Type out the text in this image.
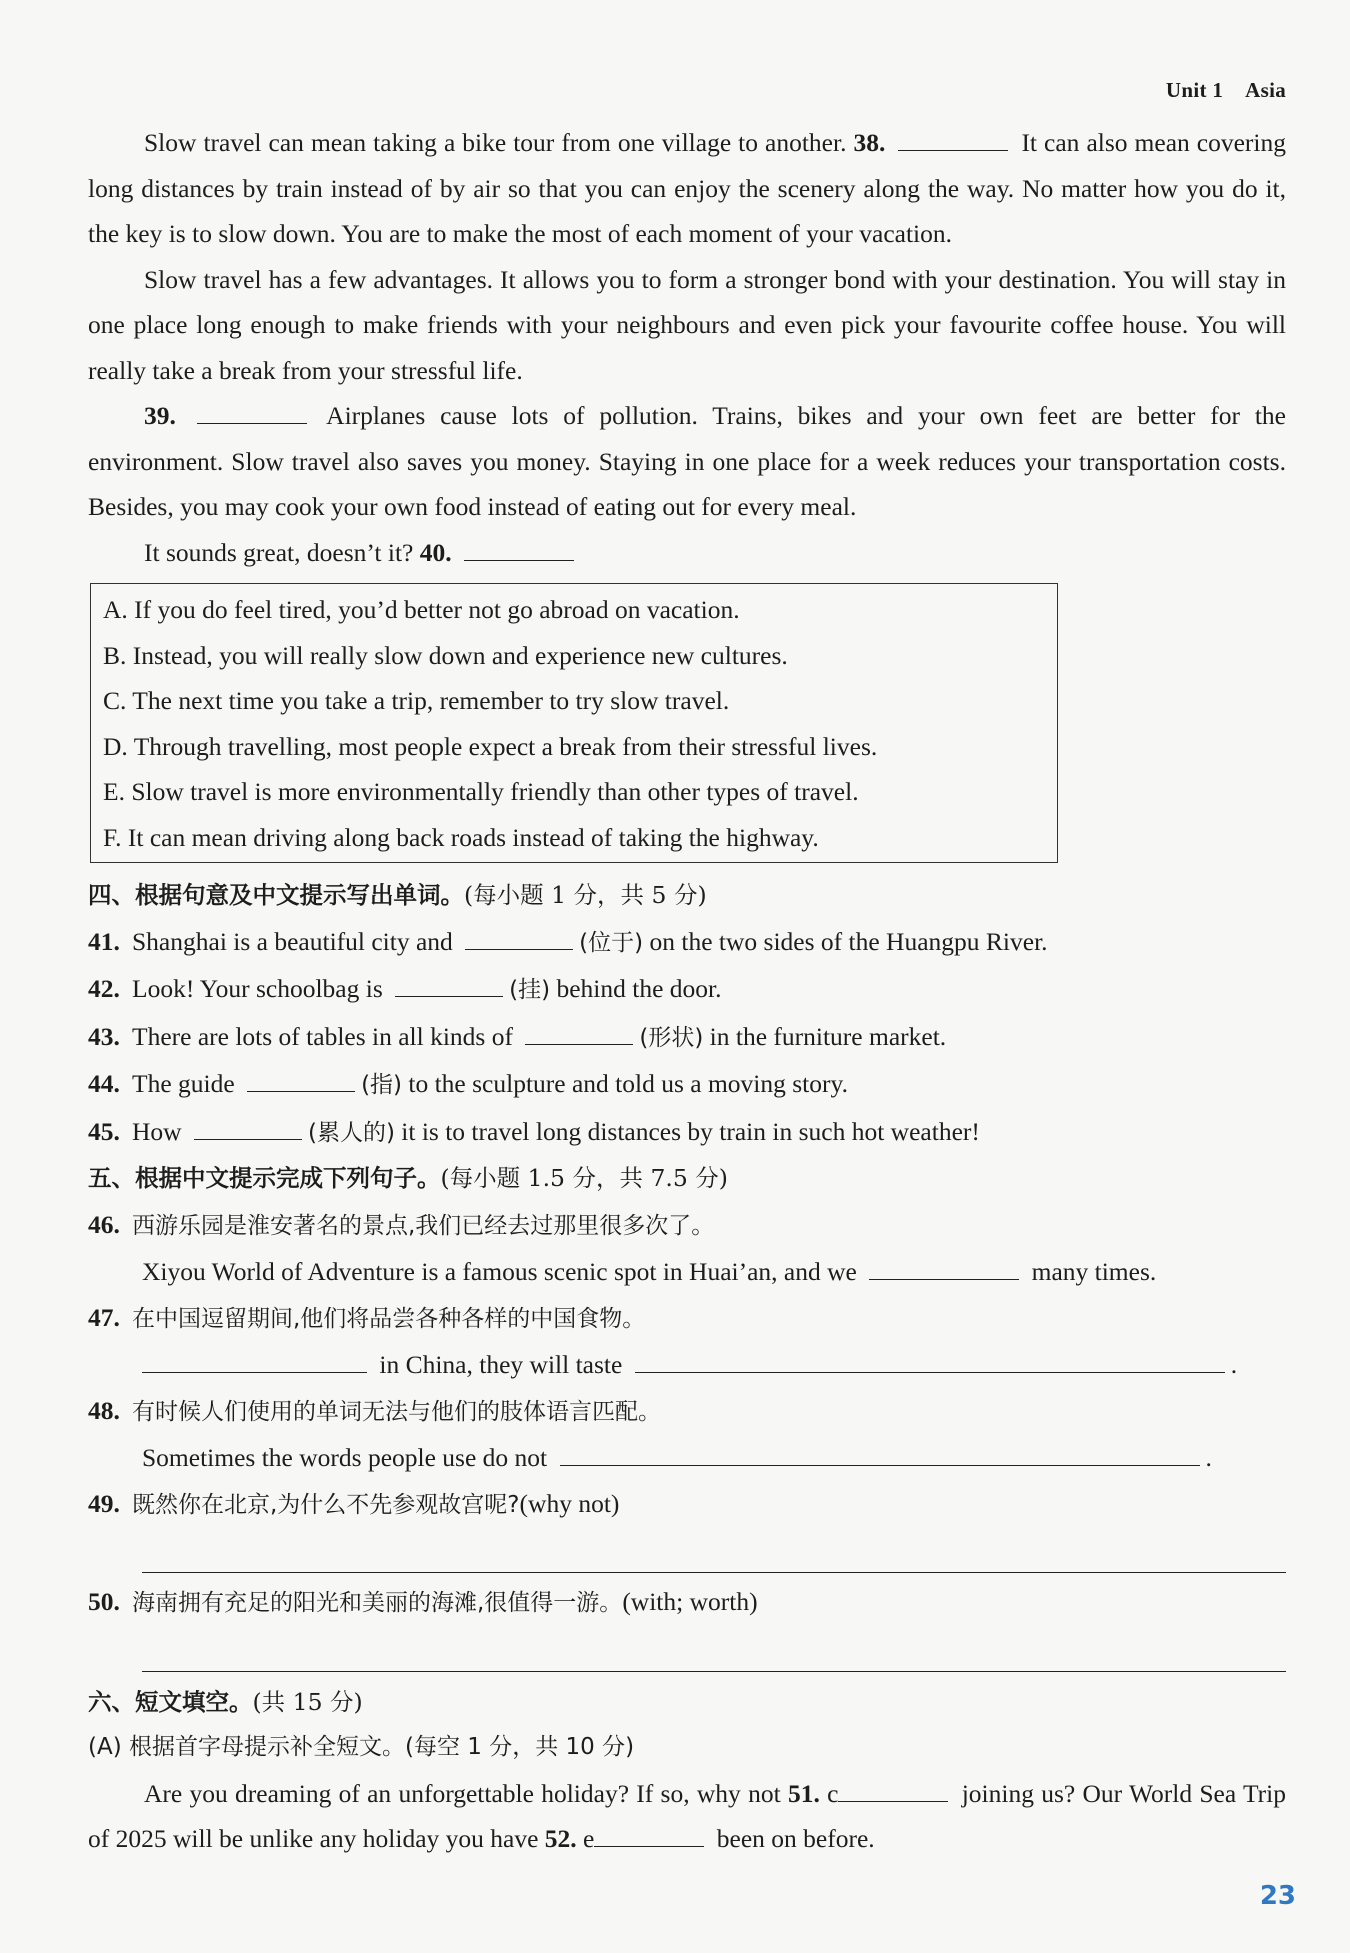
Unit 1 Asia

Slow travel can mean taking a bike tour from one village to another. 38.	It can also mean covering long distances by train instead of by air so that you can enjoy the scenery along the way. No matter how you do it, the key is to slow down. You are to make the most of each moment of your vacation.

Slow travel has a few advantages. It allows you to form a stronger bond with your destination. You will stay in one place long enough to make friends with your neighbours and even pick your favourite coffee house. You will really take a break from your stressful life.

39.	Airplanes cause lots of pollution. Trains, bikes and your own feet are better for the environment. Slow travel also saves you money. Staying in one place for a week reduces your transportation costs. Besides, you may cook your own food instead of eating out for every meal.

It sounds great, doesn’t it? 40.

A. If you do feel tired, you’d better not go abroad on vacation.
B. Instead, you will really slow down and experience new cultures.
C. The next time you take a trip, remember to try slow travel.
D. Through travelling, most people expect a break from their stressful lives.
E. Slow travel is more environmentally friendly than other types of travel.
F. It can mean driving along back roads instead of taking the highway.
四、根据句意及中文提示写出单词。(每小题 1 分，共 5 分)
41. Shanghai is a beautiful city and	(位于) on the two sides of the Huangpu River.
42. Look! Your schoolbag is	(挂) behind the door.
43. There are lots of tables in all kinds of	(形状) in the furniture market.
44. The guide	(指) to the sculpture and told us a moving story.
45. How	(累人的) it is to travel long distances by train in such hot weather!
五、根据中文提示完成下列句子。(每小题 1.5 分，共 7.5 分)
46. 西游乐园是淮安著名的景点,我们已经去过那里很多次了。
Xiyou World of Adventure is a famous scenic spot in Huai’an, and we	many times.
47. 在中国逗留期间,他们将品尝各种各样的中国食物。
in China, they will taste	.
48. 有时候人们使用的单词无法与他们的肢体语言匹配。
Sometimes the words people use do not	.
49. 既然你在北京,为什么不先参观故宫呢?(why not)
50. 海南拥有充足的阳光和美丽的海滩,很值得一游。(with; worth)
六、短文填空。(共 15 分)
(A) 根据首字母提示补全短文。(每空 1 分，共 10 分)

Are you dreaming of an unforgettable holiday? If so, why not 51. c	joining us? Our World Sea Trip of 2025 will be unlike any holiday you have 52. e	been on before.

23
